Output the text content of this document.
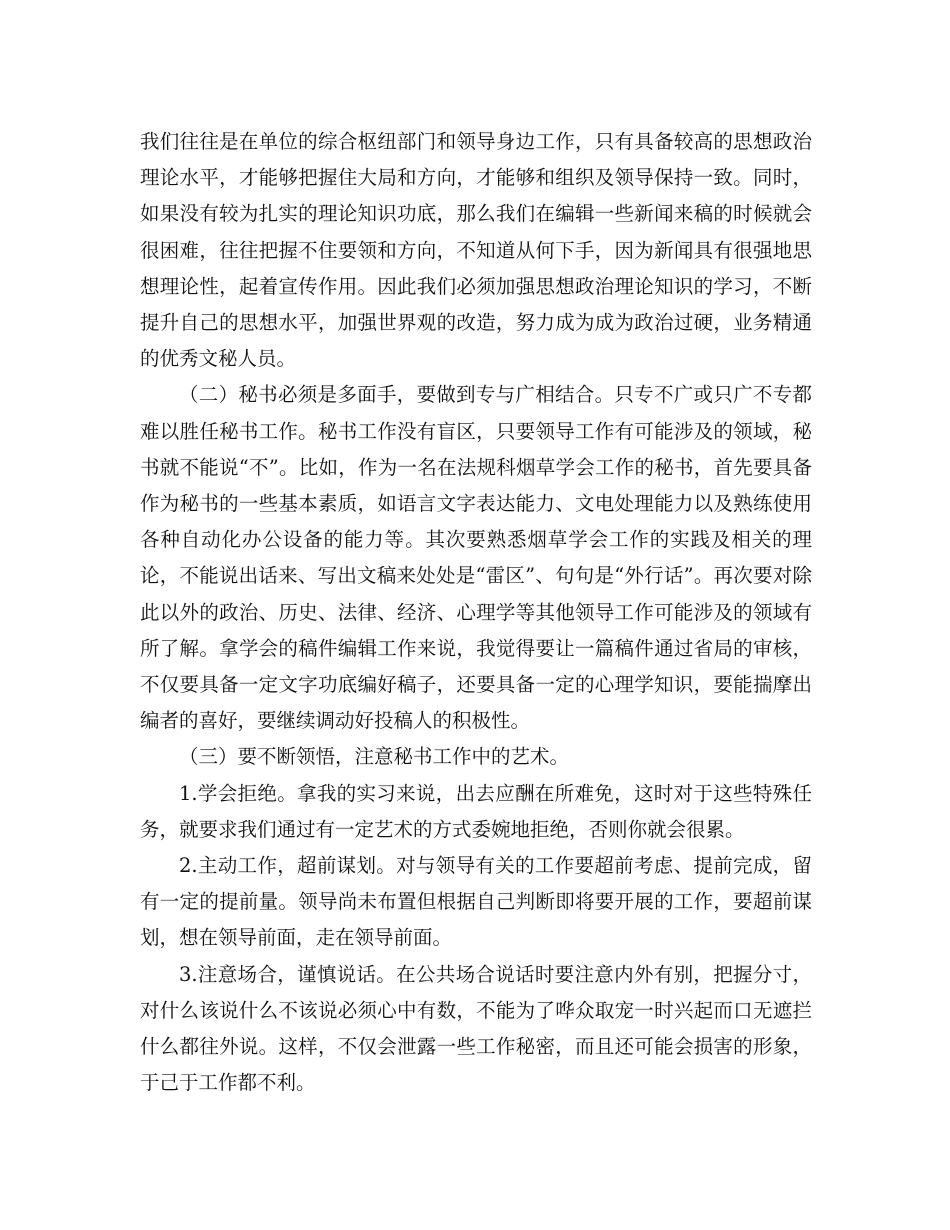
我们往往是在单位的综合枢纽部门和领导身边工作，只有具备较高的思想政治理论水平，才能够把握住大局和方向，才能够和组织及领导保持一致。同时，如果没有较为扎实的理论知识功底，那么我们在编辑一些新闻来稿的时候就会很困难，往往把握不住要领和方向，不知道从何下手，因为新闻具有很强地思想理论性，起着宣传作用。因此我们必须加强思想政治理论知识的学习，不断提升自己的思想水平，加强世界观的改造，努力成为成为政治过硬，业务精通的优秀文秘人员。

（二）秘书必须是多面手，要做到专与广相结合。只专不广或只广不专都难以胜任秘书工作。秘书工作没有盲区，只要领导工作有可能涉及的领域，秘书就不能说“不”。比如，作为一名在法规科烟草学会工作的秘书，首先要具备作为秘书的一些基本素质，如语言文字表达能力、文电处理能力以及熟练使用各种自动化办公设备的能力等。其次要熟悉烟草学会工作的实践及相关的理论，不能说出话来、写出文稿来处处是“雷区”、句句是“外行话”。再次要对除此以外的政治、历史、法律、经济、心理学等其他领导工作可能涉及的领域有所了解。拿学会的稿件编辑工作来说，我觉得要让一篇稿件通过省局的审核，不仅要具备一定文字功底编好稿子，还要具备一定的心理学知识，要能揣摩出编者的喜好，要继续调动好投稿人的积极性。

（三）要不断领悟，注意秘书工作中的艺术。

1.学会拒绝。拿我的实习来说，出去应酬在所难免，这时对于这些特殊任务，就要求我们通过有一定艺术的方式委婉地拒绝，否则你就会很累。

2.主动工作，超前谋划。对与领导有关的工作要超前考虑、提前完成，留有一定的提前量。领导尚未布置但根据自己判断即将要开展的工作，要超前谋划，想在领导前面，走在领导前面。

3.注意场合，谨慎说话。在公共场合说话时要注意内外有别，把握分寸，对什么该说什么不该说必须心中有数，不能为了哗众取宠一时兴起而口无遮拦什么都往外说。这样，不仅会泄露一些工作秘密，而且还可能会损害的形象，于己于工作都不利。
